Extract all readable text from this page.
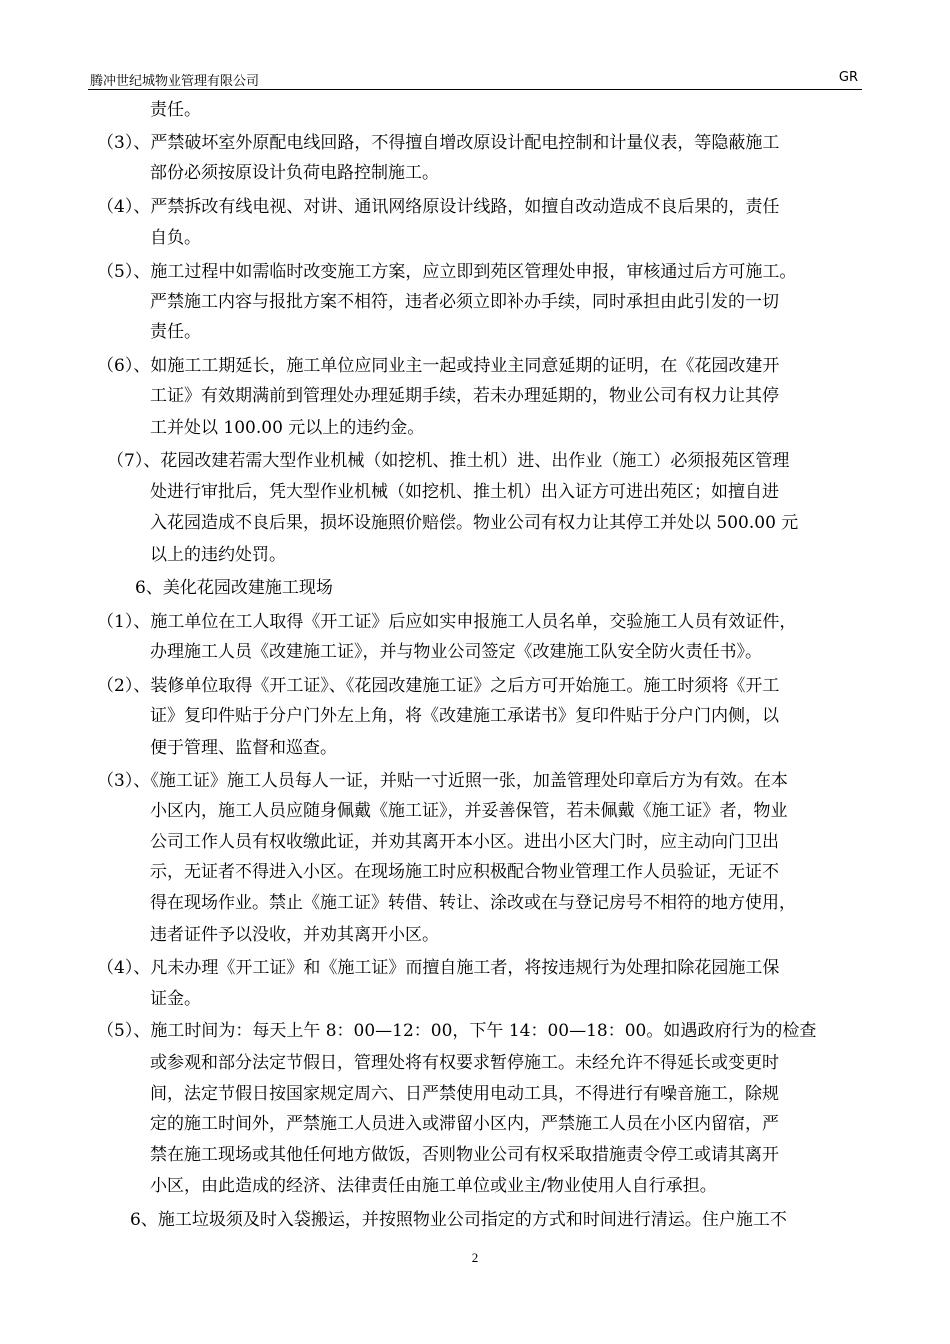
腾冲世纪城物业管理有限公司	GR
责任。
（3）、严禁破坏室外原配电线回路，不得擅自增改原设计配电控制和计量仪表，等隐蔽施工
部份必须按原设计负荷电路控制施工。
（4）、严禁拆改有线电视、对讲、通讯网络原设计线路，如擅自改动造成不良后果的，责任
自负。
（5）、施工过程中如需临时改变施工方案，应立即到苑区管理处申报，审核通过后方可施工。
严禁施工内容与报批方案不相符，违者必须立即补办手续，同时承担由此引发的一切
责任。
（6）、如施工工期延长，施工单位应同业主一起或持业主同意延期的证明，在《花园改建开
工证》有效期满前到管理处办理延期手续，若未办理延期的，物业公司有权力让其停
工并处以 100.00 元以上的违约金。
（7）、花园改建若需大型作业机械（如挖机、推土机）进、出作业（施工）必须报苑区管理
处进行审批后，凭大型作业机械（如挖机、推土机）出入证方可进出苑区；如擅自进
入花园造成不良后果，损坏设施照价赔偿。物业公司有权力让其停工并处以 500.00 元
以上的违约处罚。
6、美化花园改建施工现场
（1）、施工单位在工人取得《开工证》后应如实申报施工人员名单，交验施工人员有效证件，
办理施工人员《改建施工证》，并与物业公司签定《改建施工队安全防火责任书》。
（2）、装修单位取得《开工证》、《花园改建施工证》之后方可开始施工。施工时须将《开工
证》复印件贴于分户门外左上角，将《改建施工承诺书》复印件贴于分户门内侧，以
便于管理、监督和巡查。
（3）、《施工证》施工人员每人一证，并贴一寸近照一张，加盖管理处印章后方为有效。在本
小区内，施工人员应随身佩戴《施工证》，并妥善保管，若未佩戴《施工证》者，物业
公司工作人员有权收缴此证，并劝其离开本小区。进出小区大门时，应主动向门卫出
示，无证者不得进入小区。在现场施工时应积极配合物业管理工作人员验证，无证不
得在现场作业。禁止《施工证》转借、转让、涂改或在与登记房号不相符的地方使用，
违者证件予以没收，并劝其离开小区。
（4）、凡未办理《开工证》和《施工证》而擅自施工者，将按违规行为处理扣除花园施工保
证金。
（5）、施工时间为：每天上午 8：00—12：00，下午 14：00—18：00。如遇政府行为的检查
或参观和部分法定节假日，管理处将有权要求暂停施工。未经允许不得延长或变更时
间，法定节假日按国家规定周六、日严禁使用电动工具，不得进行有噪音施工，除规
定的施工时间外，严禁施工人员进入或滞留小区内，严禁施工人员在小区内留宿，严
禁在施工现场或其他任何地方做饭，否则物业公司有权采取措施责令停工或请其离开
小区，由此造成的经济、法律责任由施工单位或业主/物业使用人自行承担。
6、施工垃圾须及时入袋搬运，并按照物业公司指定的方式和时间进行清运。住户施工不
2
